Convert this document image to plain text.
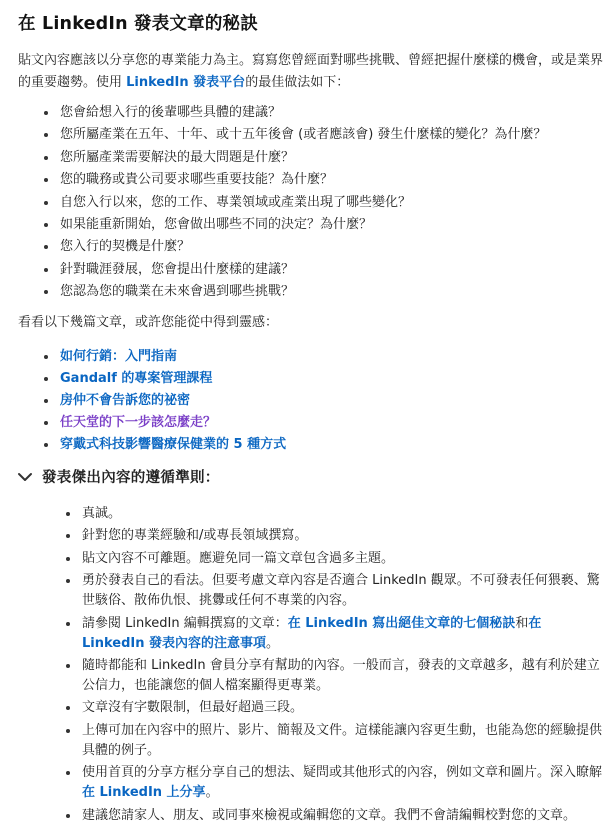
在 LinkedIn 發表文章的秘訣

貼文內容應該以分享您的專業能力為主。寫寫您曾經面對哪些挑戰、曾經把握什麼樣的機會，或是業界的重要趨勢。使用 LinkedIn 發表平台的最佳做法如下：

您會給想入行的後輩哪些具體的建議？
您所屬產業在五年、十年、或十五年後會 (或者應該會) 發生什麼樣的變化？為什麼？
您所屬產業需要解決的最大問題是什麼？
您的職務或貴公司要求哪些重要技能？為什麼？
自您入行以來，您的工作、專業領域或產業出現了哪些變化？
如果能重新開始，您會做出哪些不同的決定？為什麼？
您入行的契機是什麼？
針對職涯發展，您會提出什麼樣的建議？
您認為您的職業在未來會遇到哪些挑戰？

看看以下幾篇文章，或許您能從中得到靈感：

如何行銷：入門指南
Gandalf 的專案管理課程
房仲不會告訴您的祕密
任天堂的下一步該怎麼走？
穿戴式科技影響醫療保健業的 5 種方式
發表傑出內容的遵循準則：
真誠。
針對您的專業經驗和/或專長領域撰寫。
貼文內容不可離題。應避免同一篇文章包含過多主題。
勇於發表自己的看法。但要考慮文章內容是否適合 LinkedIn 觀眾。不可發表任何猥褻、驚世駭俗、散佈仇恨、挑釁或任何不專業的內容。
請參閱 LinkedIn 編輯撰寫的文章：在 LinkedIn 寫出絕佳文章的七個秘訣和在 LinkedIn 發表內容的注意事項。
隨時都能和 LinkedIn 會員分享有幫助的內容。一般而言，發表的文章越多，越有利於建立公信力，也能讓您的個人檔案顯得更專業。
文章沒有字數限制，但最好超過三段。
上傳可加在內容中的照片、影片、簡報及文件。這樣能讓內容更生動，也能為您的經驗提供具體的例子。
使用首頁的分享方框分享自己的想法、疑問或其他形式的內容，例如文章和圖片。深入瞭解在 LinkedIn 上分享。
建議您請家人、朋友、或同事來檢視或編輯您的文章。我們不會請編輯校對您的文章。
